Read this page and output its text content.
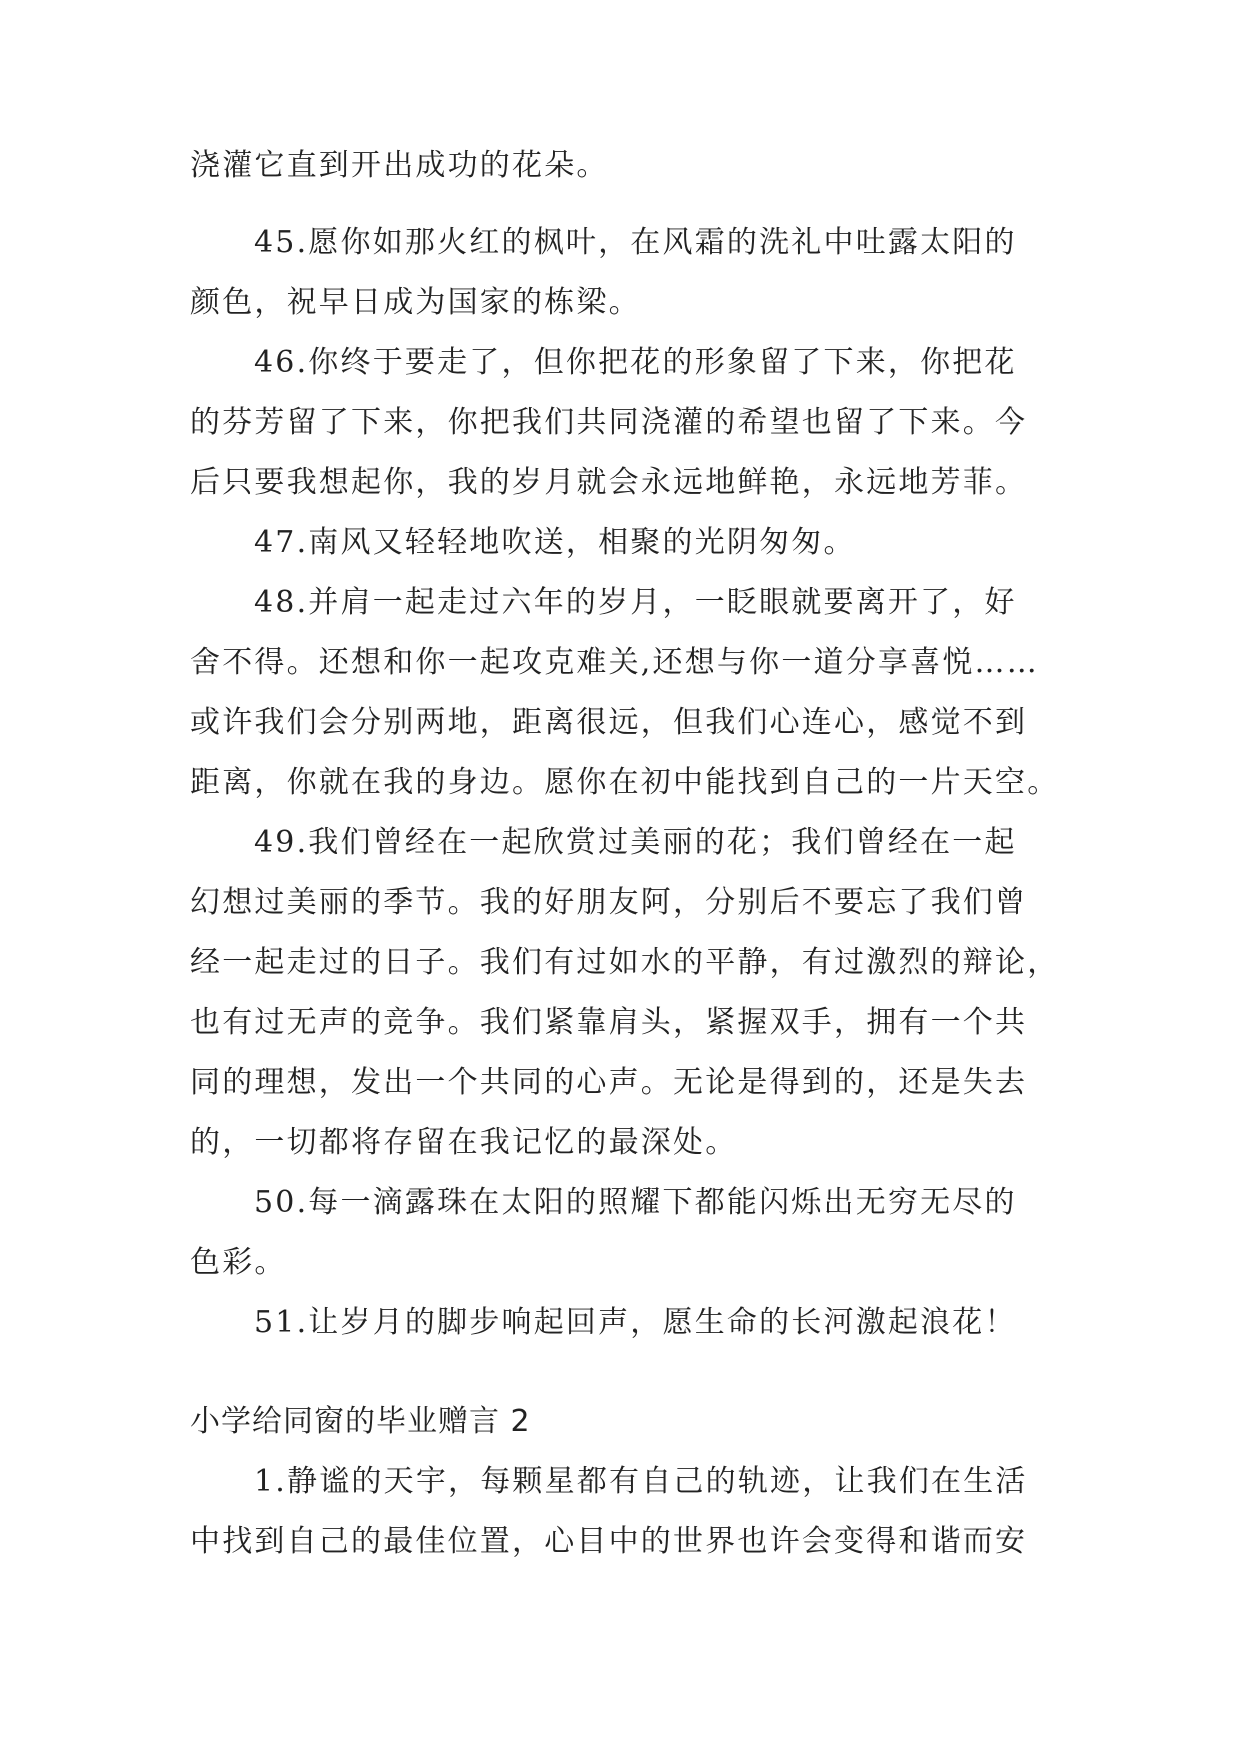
浇灌它直到开出成功的花朵。
45.愿你如那火红的枫叶，在风霜的洗礼中吐露太阳的
颜色，祝早日成为国家的栋梁。
46.你终于要走了，但你把花的形象留了下来，你把花
的芬芳留了下来，你把我们共同浇灌的希望也留了下来。今
后只要我想起你，我的岁月就会永远地鲜艳，永远地芳菲。
47.南风又轻轻地吹送，相聚的光阴匆匆。
48.并肩一起走过六年的岁月，一眨眼就要离开了，好
舍不得。还想和你一起攻克难关,还想与你一道分享喜悦……
或许我们会分别两地，距离很远，但我们心连心，感觉不到
距离，你就在我的身边。愿你在初中能找到自己的一片天空。
49.我们曾经在一起欣赏过美丽的花；我们曾经在一起
幻想过美丽的季节。我的好朋友阿，分别后不要忘了我们曾
经一起走过的日子。我们有过如水的平静，有过激烈的辩论，
也有过无声的竞争。我们紧靠肩头，紧握双手，拥有一个共
同的理想，发出一个共同的心声。无论是得到的，还是失去
的，一切都将存留在我记忆的最深处。
50.每一滴露珠在太阳的照耀下都能闪烁出无穷无尽的
色彩。
51.让岁月的脚步响起回声，愿生命的长河激起浪花！
小学给同窗的毕业赠言 2
1.静谧的天宇，每颗星都有自己的轨迹，让我们在生活
中找到自己的最佳位置，心目中的世界也许会变得和谐而安
